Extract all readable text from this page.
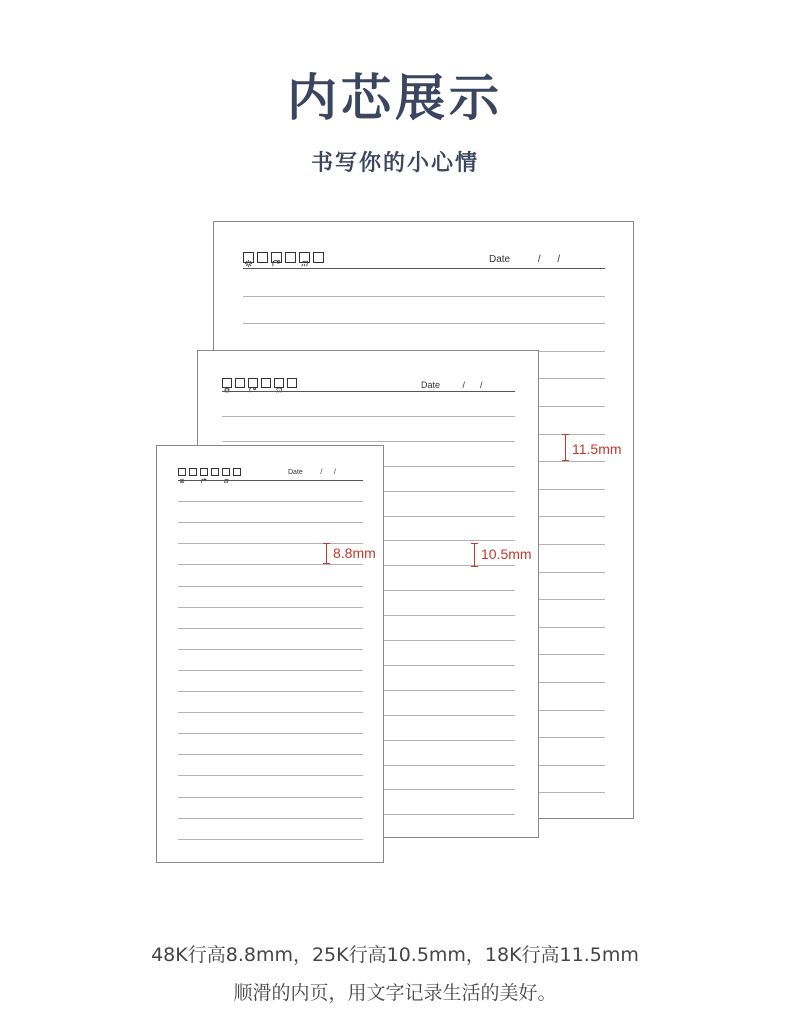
内芯展示
书写你的小心情
Date	/      /
Date	/      /
Date	/      /
11.5mm
10.5mm
8.8mm
48K行高8.8mm，25K行高10.5mm，18K行高11.5mm
顺滑的内页，用文字记录生活的美好。
